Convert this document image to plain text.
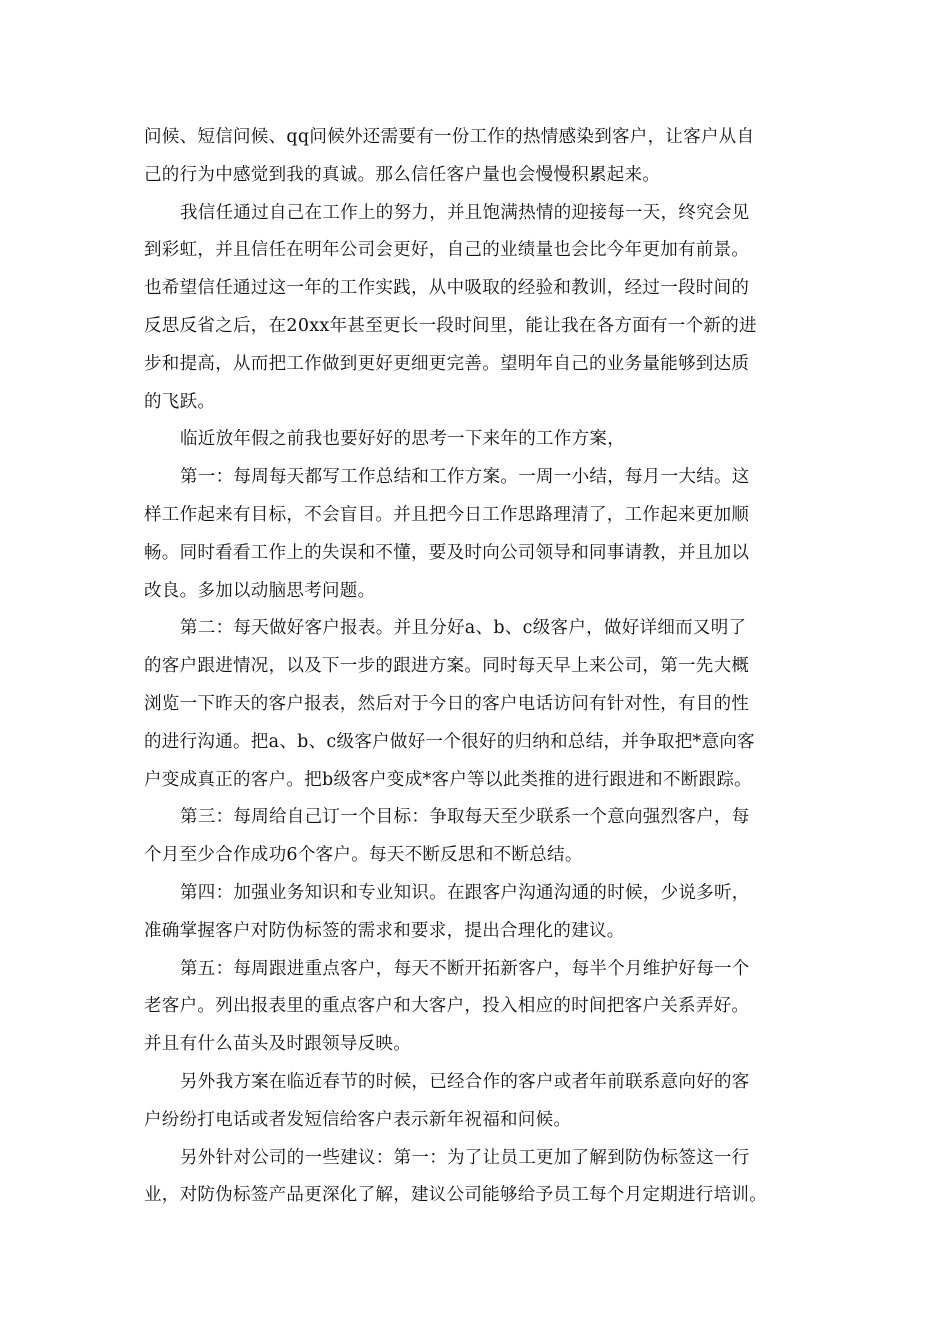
问候、短信问候、qq问候外还需要有一份工作的热情感染到客户，让客户从自
己的行为中感觉到我的真诚。那么信任客户量也会慢慢积累起来。
我信任通过自己在工作上的努力，并且饱满热情的迎接每一天，终究会见
到彩虹，并且信任在明年公司会更好，自己的业绩量也会比今年更加有前景。
也希望信任通过这一年的工作实践，从中吸取的经验和教训，经过一段时间的
反思反省之后，在20xx年甚至更长一段时间里，能让我在各方面有一个新的进
步和提高，从而把工作做到更好更细更完善。望明年自己的业务量能够到达质
的飞跃。
临近放年假之前我也要好好的思考一下来年的工作方案，
第一：每周每天都写工作总结和工作方案。一周一小结，每月一大结。这
样工作起来有目标，不会盲目。并且把今日工作思路理清了，工作起来更加顺
畅。同时看看工作上的失误和不懂，要及时向公司领导和同事请教，并且加以
改良。多加以动脑思考问题。
第二：每天做好客户报表。并且分好a、b、c级客户，做好详细而又明了
的客户跟进情况，以及下一步的跟进方案。同时每天早上来公司，第一先大概
浏览一下昨天的客户报表，然后对于今日的客户电话访问有针对性，有目的性
的进行沟通。把a、b、c级客户做好一个很好的归纳和总结，并争取把*意向客
户变成真正的客户。把b级客户变成*客户等以此类推的进行跟进和不断跟踪。
第三：每周给自己订一个目标：争取每天至少联系一个意向强烈客户，每
个月至少合作成功6个客户。每天不断反思和不断总结。
第四：加强业务知识和专业知识。在跟客户沟通沟通的时候，少说多听，
准确掌握客户对防伪标签的需求和要求，提出合理化的建议。
第五：每周跟进重点客户，每天不断开拓新客户，每半个月维护好每一个
老客户。列出报表里的重点客户和大客户，投入相应的时间把客户关系弄好。
并且有什么苗头及时跟领导反映。
另外我方案在临近春节的时候，已经合作的客户或者年前联系意向好的客
户纷纷打电话或者发短信给客户表示新年祝福和问候。
另外针对公司的一些建议：第一：为了让员工更加了解到防伪标签这一行
业，对防伪标签产品更深化了解，建议公司能够给予员工每个月定期进行培训。
